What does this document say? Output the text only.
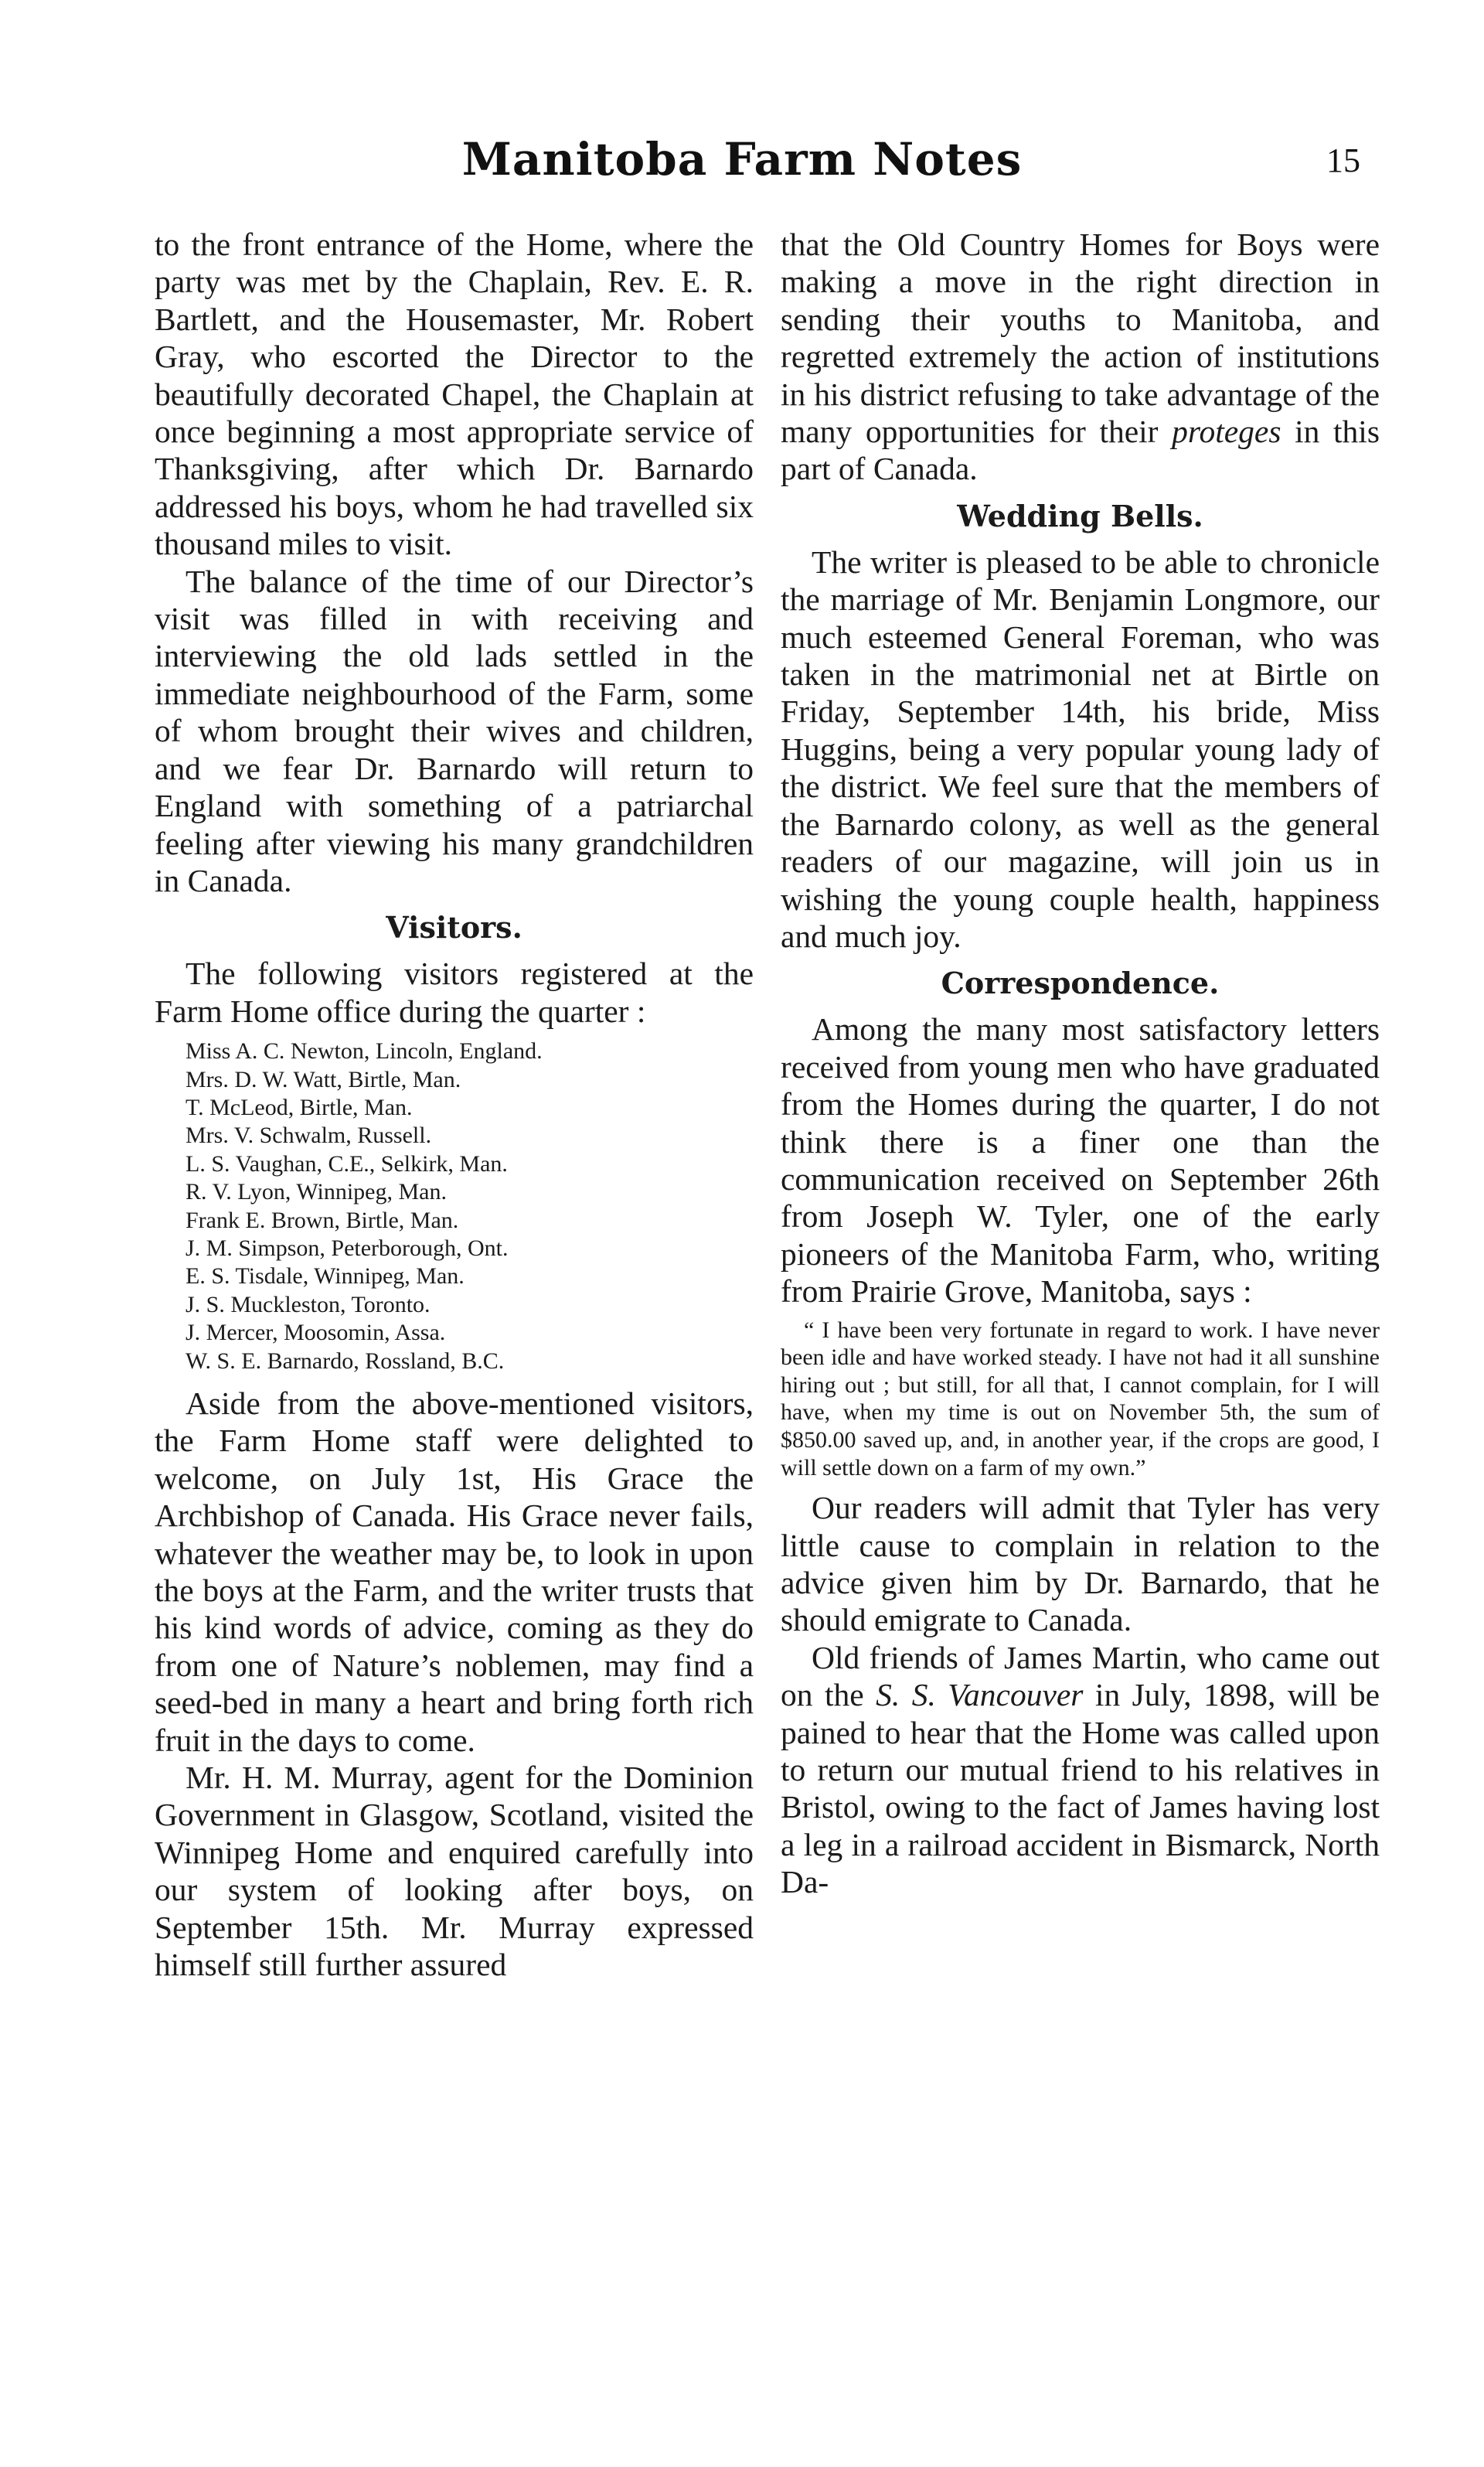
Manitoba Farm Notes	15

to the front entrance of the Home, where the party was met by the Chaplain, Rev. E. R. Bartlett, and the Housemaster, Mr. Robert Gray, who escorted the Director to the beautifully decorated Chapel, the Chaplain at once beginning a most appropriate service of Thanksgiving, after which Dr. Barnardo addressed his boys, whom he had travelled six thousand miles to visit.

The balance of the time of our Director’s visit was filled in with receiving and interviewing the old lads settled in the immediate neighbourhood of the Farm, some of whom brought their wives and children, and we fear Dr. Barnardo will return to England with something of a patriarchal feeling after viewing his many grandchildren in Canada.

Visitors.

The following visitors registered at the Farm Home office during the quarter :

Miss A. C. Newton, Lincoln, England.
Mrs. D. W. Watt, Birtle, Man.
T. McLeod, Birtle, Man.
Mrs. V. Schwalm, Russell.
L. S. Vaughan, C.E., Selkirk, Man.
R. V. Lyon, Winnipeg, Man.
Frank E. Brown, Birtle, Man.
J. M. Simpson, Peterborough, Ont.
E. S. Tisdale, Winnipeg, Man.
J. S. Muckleston, Toronto.
J. Mercer, Moosomin, Assa.
W. S. E. Barnardo, Rossland, B.C.

Aside from the above-mentioned visitors, the Farm Home staff were delighted to welcome, on July 1st, His Grace the Archbishop of Canada. His Grace never fails, whatever the weather may be, to look in upon the boys at the Farm, and the writer trusts that his kind words of advice, coming as they do from one of Nature’s noblemen, may find a seed-bed in many a heart and bring forth rich fruit in the days to come.

Mr. H. M. Murray, agent for the Dominion Government in Glasgow, Scotland, visited the Winnipeg Home and enquired carefully into our system of looking after boys, on September 15th. Mr. Murray expressed himself still further assured

that the Old Country Homes for Boys were making a move in the right direction in sending their youths to Manitoba, and regretted extremely the action of institutions in his district refusing to take advantage of the many opportunities for their proteges in this part of Canada.

Wedding Bells.

The writer is pleased to be able to chronicle the marriage of Mr. Benjamin Longmore, our much esteemed General Foreman, who was taken in the matrimonial net at Birtle on Friday, September 14th, his bride, Miss Huggins, being a very popular young lady of the district. We feel sure that the members of the Barnardo colony, as well as the general readers of our magazine, will join us in wishing the young couple health, happiness and much joy.

Correspondence.

Among the many most satisfactory letters received from young men who have graduated from the Homes during the quarter, I do not think there is a finer one than the communication received on September 26th from Joseph W. Tyler, one of the early pioneers of the Manitoba Farm, who, writing from Prairie Grove, Manitoba, says :

“ I have been very fortunate in regard to work. I have never been idle and have worked steady. I have not had it all sunshine hiring out ; but still, for all that, I cannot complain, for I will have, when my time is out on November 5th, the sum of $850.00 saved up, and, in another year, if the crops are good, I will settle down on a farm of my own.”

Our readers will admit that Tyler has very little cause to complain in relation to the advice given him by Dr. Barnardo, that he should emigrate to Canada.

Old friends of James Martin, who came out on the S. S. Vancouver in July, 1898, will be pained to hear that the Home was called upon to return our mutual friend to his relatives in Bristol, owing to the fact of James having lost a leg in a railroad accident in Bismarck, North Da-
